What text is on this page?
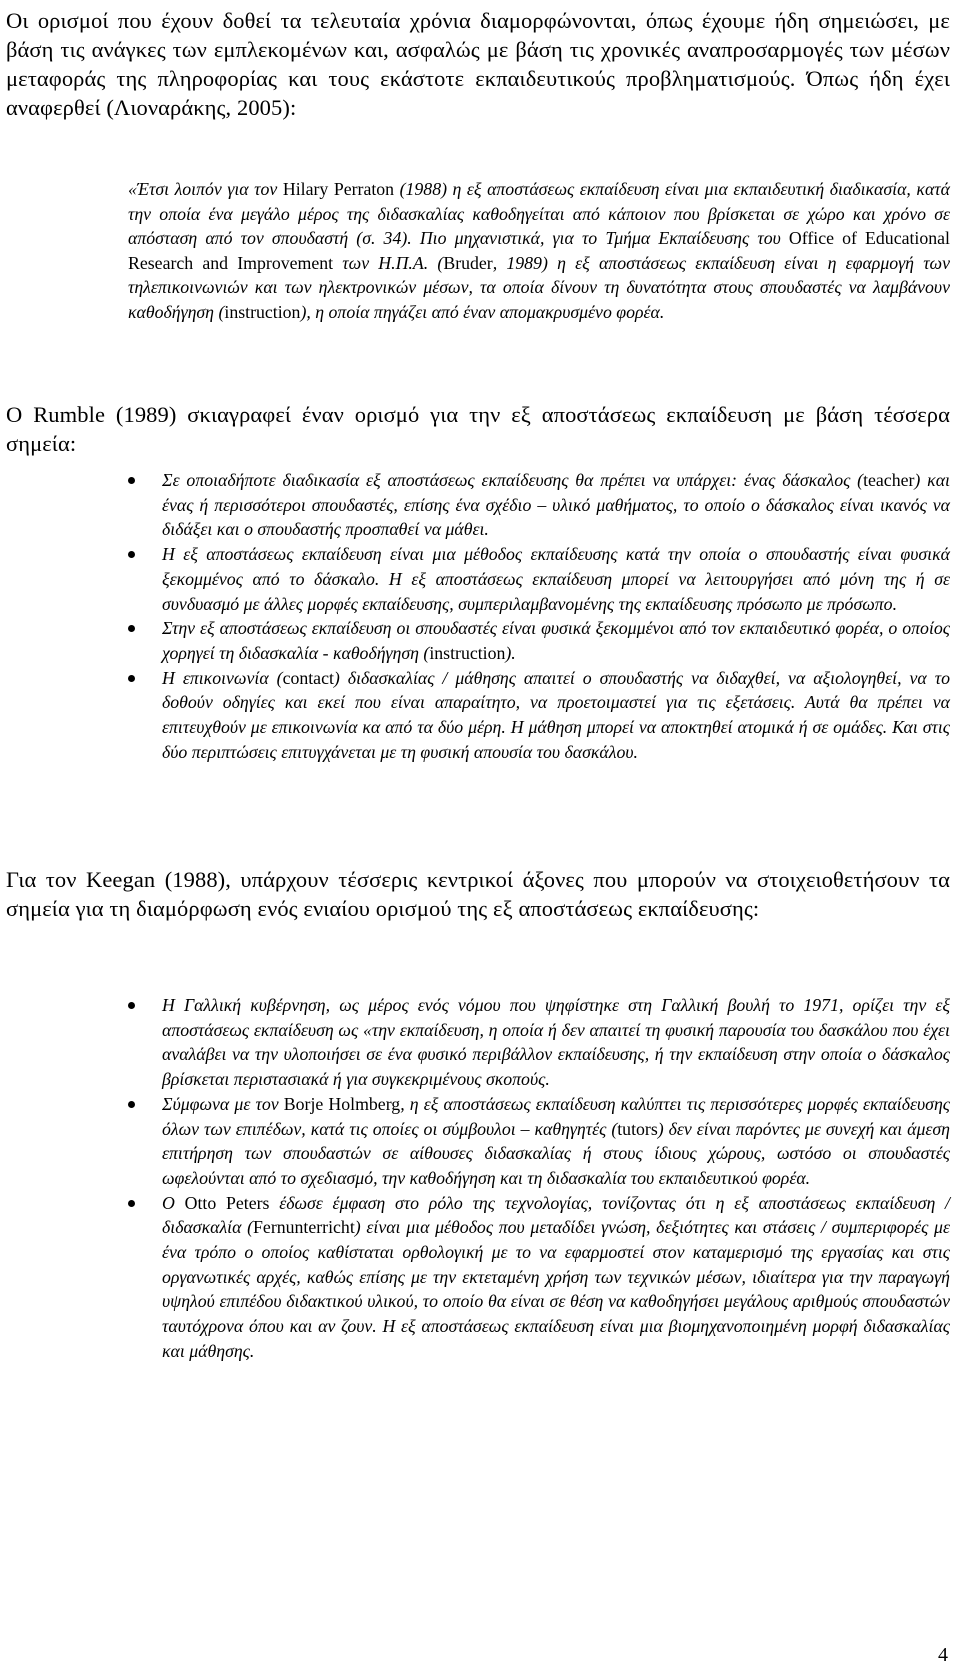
Οι ορισμοί που έχουν δοθεί τα τελευταία χρόνια διαμορφώνονται, όπως έχουμε ήδη σημειώσει, με βάση τις ανάγκες των εμπλεκομένων και, ασφαλώς με βάση τις χρονικές αναπροσαρμογές των μέσων μεταφοράς της πληροφορίας και τους εκάστοτε εκπαιδευτικούς προβληματισμούς. Όπως ήδη έχει αναφερθεί (Λιοναράκης, 2005):

«Έτσι λοιπόν για τον Hilary Perraton (1988) η εξ αποστάσεως εκπαίδευση είναι μια εκπαιδευτική διαδικασία, κατά την οποία ένα μεγάλο μέρος της διδασκαλίας καθοδηγείται από κάποιον που βρίσκεται σε χώρο και χρόνο σε απόσταση από τον σπουδαστή (σ. 34). Πιο μηχανιστικά, για το Τμήμα Εκπαίδευσης του Office of Educational Research and Improvement των Η.Π.Α. (Bruder, 1989) η εξ αποστάσεως εκπαίδευση είναι η εφαρμογή των τηλεπικοινωνιών και των ηλεκτρονικών μέσων, τα οποία δίνουν τη δυνατότητα στους σπουδαστές να λαμβάνουν καθοδήγηση (instruction), η οποία πηγάζει από έναν απομακρυσμένο φορέα.

Ο Rumble (1989) σκιαγραφεί έναν ορισμό για την εξ αποστάσεως εκπαίδευση με βάση τέσσερα σημεία:

Σε οποιαδήποτε διαδικασία εξ αποστάσεως εκπαίδευσης θα πρέπει να υπάρχει: ένας δάσκαλος (teacher) και ένας ή περισσότεροι σπουδαστές, επίσης ένα σχέδιο – υλικό μαθήματος, το οποίο ο δάσκαλος είναι ικανός να διδάξει και ο σπουδαστής προσπαθεί να μάθει.
Η εξ αποστάσεως εκπαίδευση είναι μια μέθοδος εκπαίδευσης κατά την οποία ο σπουδαστής είναι φυσικά ξεκομμένος από το δάσκαλο. Η εξ αποστάσεως εκπαίδευση μπορεί να λειτουργήσει από μόνη της ή σε συνδυασμό με άλλες μορφές εκπαίδευσης, συμπεριλαμβανομένης της εκπαίδευσης πρόσωπο με πρόσωπο.
Στην εξ αποστάσεως εκπαίδευση οι σπουδαστές είναι φυσικά ξεκομμένοι από τον εκπαιδευτικό φορέα, ο οποίος χορηγεί τη διδασκαλία - καθοδήγηση (instruction).
Η επικοινωνία (contact) διδασκαλίας / μάθησης απαιτεί ο σπουδαστής να διδαχθεί, να αξιολογηθεί, να το δοθούν οδηγίες και εκεί που είναι απαραίτητο, να προετοιμαστεί για τις εξετάσεις. Αυτά θα πρέπει να επιτευχθούν με επικοινωνία κα από τα δύο μέρη. Η μάθηση μπορεί να αποκτηθεί ατομικά ή σε ομάδες. Και στις δύο περιπτώσεις επιτυγχάνεται με τη φυσική απουσία του δασκάλου.

Για τον Keegan (1988), υπάρχουν τέσσερις κεντρικοί άξονες που μπορούν να στοιχειοθετήσουν τα σημεία για τη διαμόρφωση ενός ενιαίου ορισμού της εξ αποστάσεως εκπαίδευσης:

Η Γαλλική κυβέρνηση, ως μέρος ενός νόμου που ψηφίστηκε στη Γαλλική βουλή το 1971, ορίζει την εξ αποστάσεως εκπαίδευση ως «την εκπαίδευση, η οποία ή δεν απαιτεί τη φυσική παρουσία του δασκάλου που έχει αναλάβει να την υλοποιήσει σε ένα φυσικό περιβάλλον εκπαίδευσης, ή την εκπαίδευση στην οποία ο δάσκαλος βρίσκεται περιστασιακά ή για συγκεκριμένους σκοπούς.
Σύμφωνα με τον Borje Holmberg, η εξ αποστάσεως εκπαίδευση καλύπτει τις περισσότερες μορφές εκπαίδευσης όλων των επιπέδων, κατά τις οποίες οι σύμβουλοι – καθηγητές (tutors) δεν είναι παρόντες με συνεχή και άμεση επιτήρηση των σπουδαστών σε αίθουσες διδασκαλίας ή στους ίδιους χώρους, ωστόσο οι σπουδαστές ωφελούνται από το σχεδιασμό, την καθοδήγηση και τη διδασκαλία του εκπαιδευτικού φορέα.
Ο Otto Peters έδωσε έμφαση στο ρόλο της τεχνολογίας, τονίζοντας ότι η εξ αποστάσεως εκπαίδευση / διδασκαλία (Fernunterricht) είναι μια μέθοδος που μεταδίδει γνώση, δεξιότητες και στάσεις / συμπεριφορές με ένα τρόπο ο οποίος καθίσταται ορθολογική με το να εφαρμοστεί στον καταμερισμό της εργασίας και στις οργανωτικές αρχές, καθώς επίσης με την εκτεταμένη χρήση των τεχνικών μέσων, ιδιαίτερα για την παραγωγή υψηλού επιπέδου διδακτικού υλικού, το οποίο θα είναι σε θέση να καθοδηγήσει μεγάλους αριθμούς σπουδαστών ταυτόχρονα όπου και αν ζουν. Η εξ αποστάσεως εκπαίδευση είναι μια βιομηχανοποιημένη μορφή διδασκαλίας και μάθησης.
4
